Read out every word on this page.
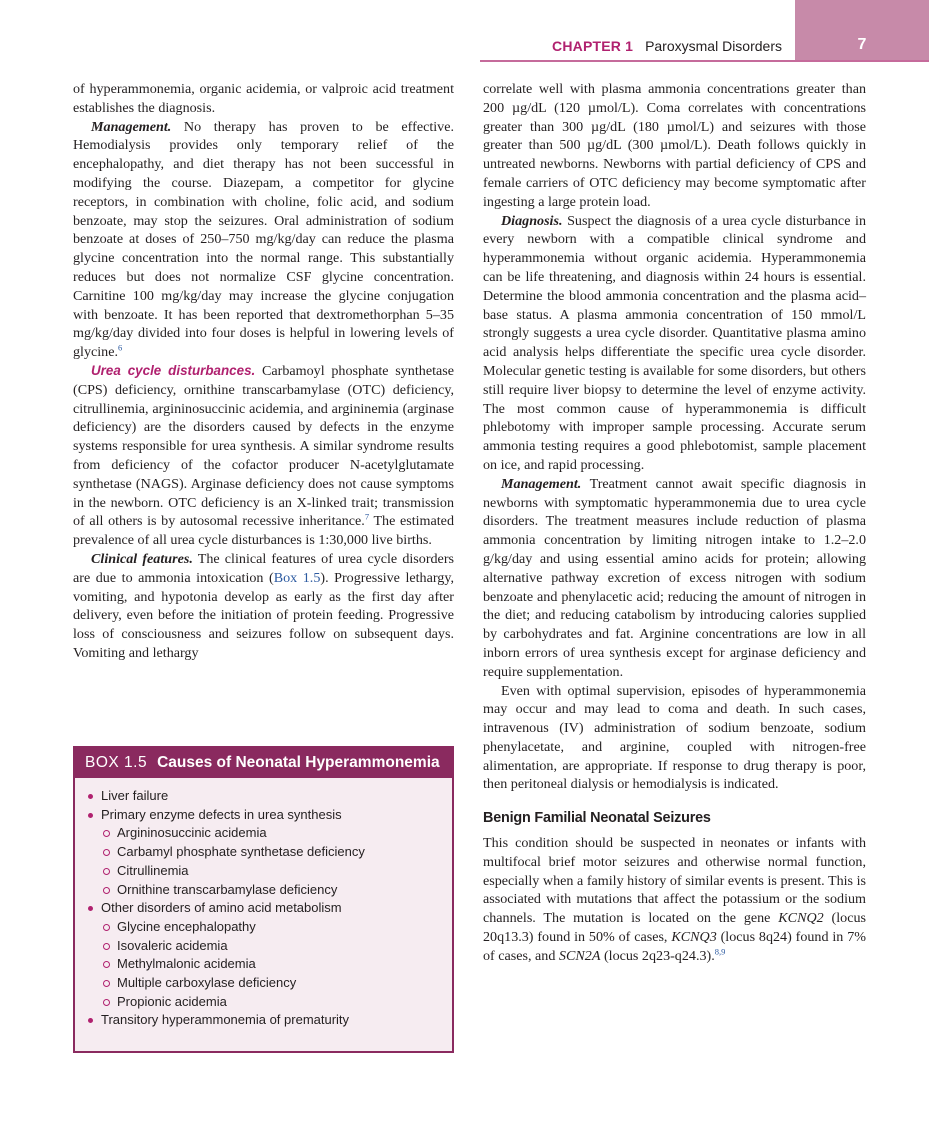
CHAPTER 1 Paroxysmal Disorders	7

of hyperammonemia, organic acidemia, or valproic acid treatment establishes the diagnosis.

Management. No therapy has proven to be effective. Hemodialysis provides only temporary relief of the encephalopathy, and diet therapy has not been successful in modifying the course. Diazepam, a competitor for glycine receptors, in combination with choline, folic acid, and sodium benzoate, may stop the seizures. Oral administration of sodium benzoate at doses of 250–750 mg/kg/day can reduce the plasma glycine concentration into the normal range. This substantially reduces but does not normalize CSF glycine concentration. Carnitine 100 mg/kg/day may increase the glycine conjugation with benzoate. It has been reported that dextromethorphan 5–35 mg/kg/day divided into four doses is helpful in lowering levels of glycine.$^6$

Urea cycle disturbances. Carbamoyl phosphate synthetase (CPS) deficiency, ornithine transcarbamylase (OTC) deficiency, citrullinemia, argininosuccinic acidemia, and argininemia (arginase deficiency) are the disorders caused by defects in the enzyme systems responsible for urea synthesis. A similar syndrome results from deficiency of the cofactor producer N-acetylglutamate synthetase (NAGS). Arginase deficiency does not cause symptoms in the newborn. OTC deficiency is an X-linked trait; transmission of all others is by autosomal recessive inheritance.$^7$ The estimated prevalence of all urea cycle disturbances is 1:30,000 live births.

Clinical features. The clinical features of urea cycle disorders are due to ammonia intoxication (Box 1.5). Progressive lethargy, vomiting, and hypotonia develop as early as the first day after delivery, even before the initiation of protein feeding. Progressive loss of consciousness and seizures follow on subsequent days. Vomiting and lethargy

BOX 1.5 Causes of Neonatal Hyperammonemia
Liver failure
Primary enzyme defects in urea synthesis
Argininosuccinic acidemia
Carbamyl phosphate synthetase deficiency
Citrullinemia
Ornithine transcarbamylase deficiency
Other disorders of amino acid metabolism
Glycine encephalopathy
Isovaleric acidemia
Methylmalonic acidemia
Multiple carboxylase deficiency
Propionic acidemia
Transitory hyperammonemia of prematurity

correlate well with plasma ammonia concentrations greater than 200 µg/dL (120 µmol/L). Coma correlates with concentrations greater than 300 µg/dL (180 µmol/L) and seizures with those greater than 500 µg/dL (300 µmol/L). Death follows quickly in untreated newborns. Newborns with partial deficiency of CPS and female carriers of OTC deficiency may become symptomatic after ingesting a large protein load.

Diagnosis. Suspect the diagnosis of a urea cycle disturbance in every newborn with a compatible clinical syndrome and hyperammonemia without organic acidemia. Hyperammonemia can be life threatening, and diagnosis within 24 hours is essential. Determine the blood ammonia concentration and the plasma acid–base status. A plasma ammonia concentration of 150 mmol/L strongly suggests a urea cycle disorder. Quantitative plasma amino acid analysis helps differentiate the specific urea cycle disorder. Molecular genetic testing is available for some disorders, but others still require liver biopsy to determine the level of enzyme activity. The most common cause of hyperammonemia is difficult phlebotomy with improper sample processing. Accurate serum ammonia testing requires a good phlebotomist, sample placement on ice, and rapid processing.

Management. Treatment cannot await specific diagnosis in newborns with symptomatic hyperammonemia due to urea cycle disorders. The treatment measures include reduction of plasma ammonia concentration by limiting nitrogen intake to 1.2–2.0 g/kg/day and using essential amino acids for protein; allowing alternative pathway excretion of excess nitrogen with sodium benzoate and phenylacetic acid; reducing the amount of nitrogen in the diet; and reducing catabolism by introducing calories supplied by carbohydrates and fat. Arginine concentrations are low in all inborn errors of urea synthesis except for arginase deficiency and require supplementation.

Even with optimal supervision, episodes of hyperammonemia may occur and may lead to coma and death. In such cases, intravenous (IV) administration of sodium benzoate, sodium phenylacetate, and arginine, coupled with nitrogen-free alimentation, are appropriate. If response to drug therapy is poor, then peritoneal dialysis or hemodialysis is indicated.

Benign Familial Neonatal Seizures

This condition should be suspected in neonates or infants with multifocal brief motor seizures and otherwise normal function, especially when a family history of similar events is present. This is associated with mutations that affect the potassium or the sodium channels. The mutation is located on the gene KCNQ2 (locus 20q13.3) found in 50% of cases, KCNQ3 (locus 8q24) found in 7% of cases, and SCN2A (locus 2q23-q24.3).$^{8,9}$
